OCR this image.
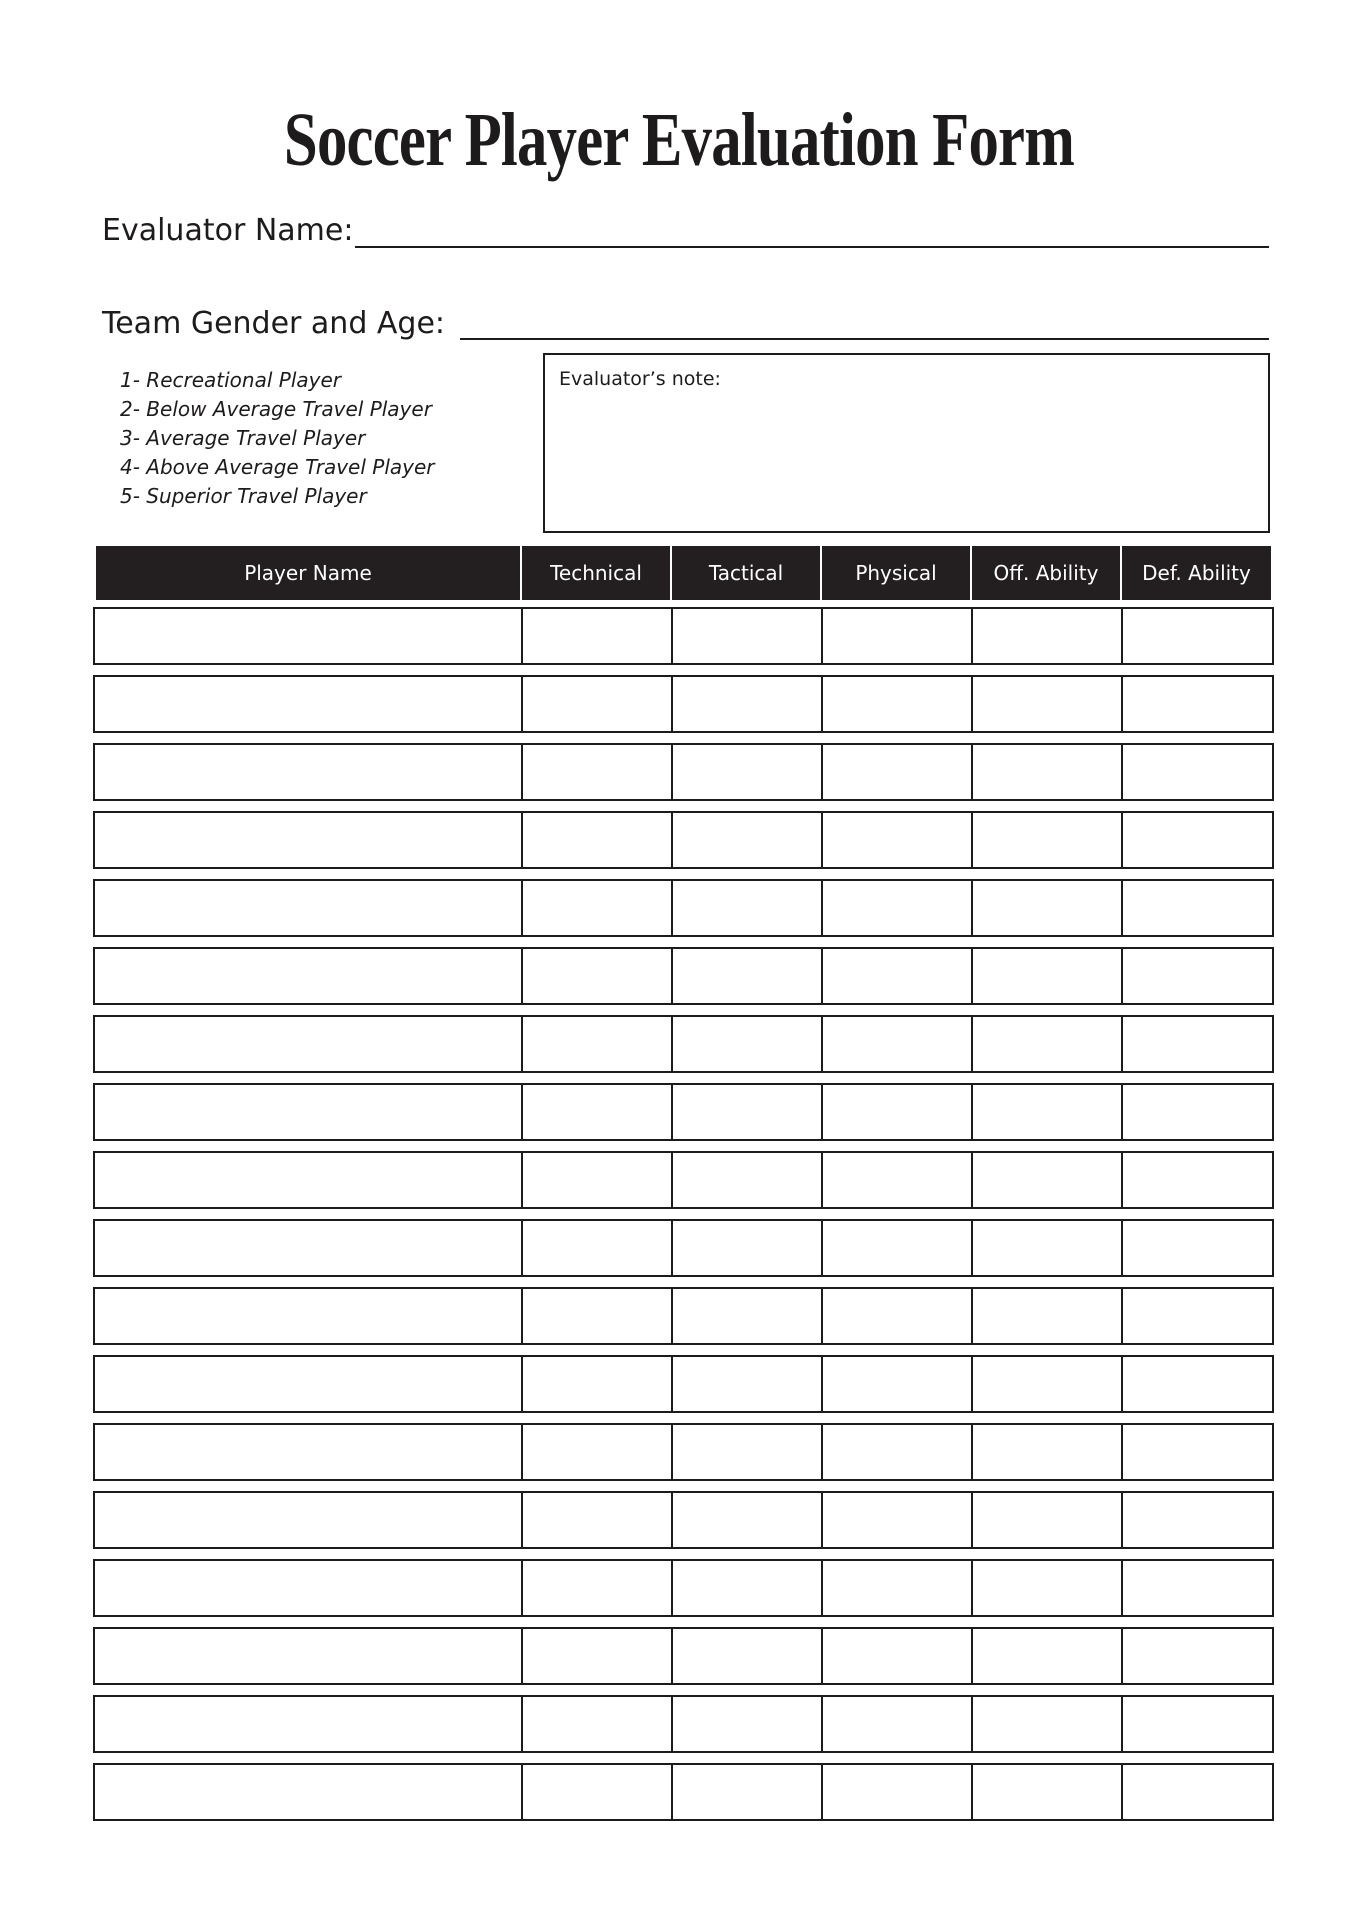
Soccer Player Evaluation Form
Evaluator Name:
Team Gender and Age:
1- Recreational Player
2- Below Average Travel Player
3- Average Travel Player
4- Above Average Travel Player
5- Superior Travel Player
Evaluator’s note:
Player Name	Technical	Tactical	Physical	Off. Ability	Def. Ability
